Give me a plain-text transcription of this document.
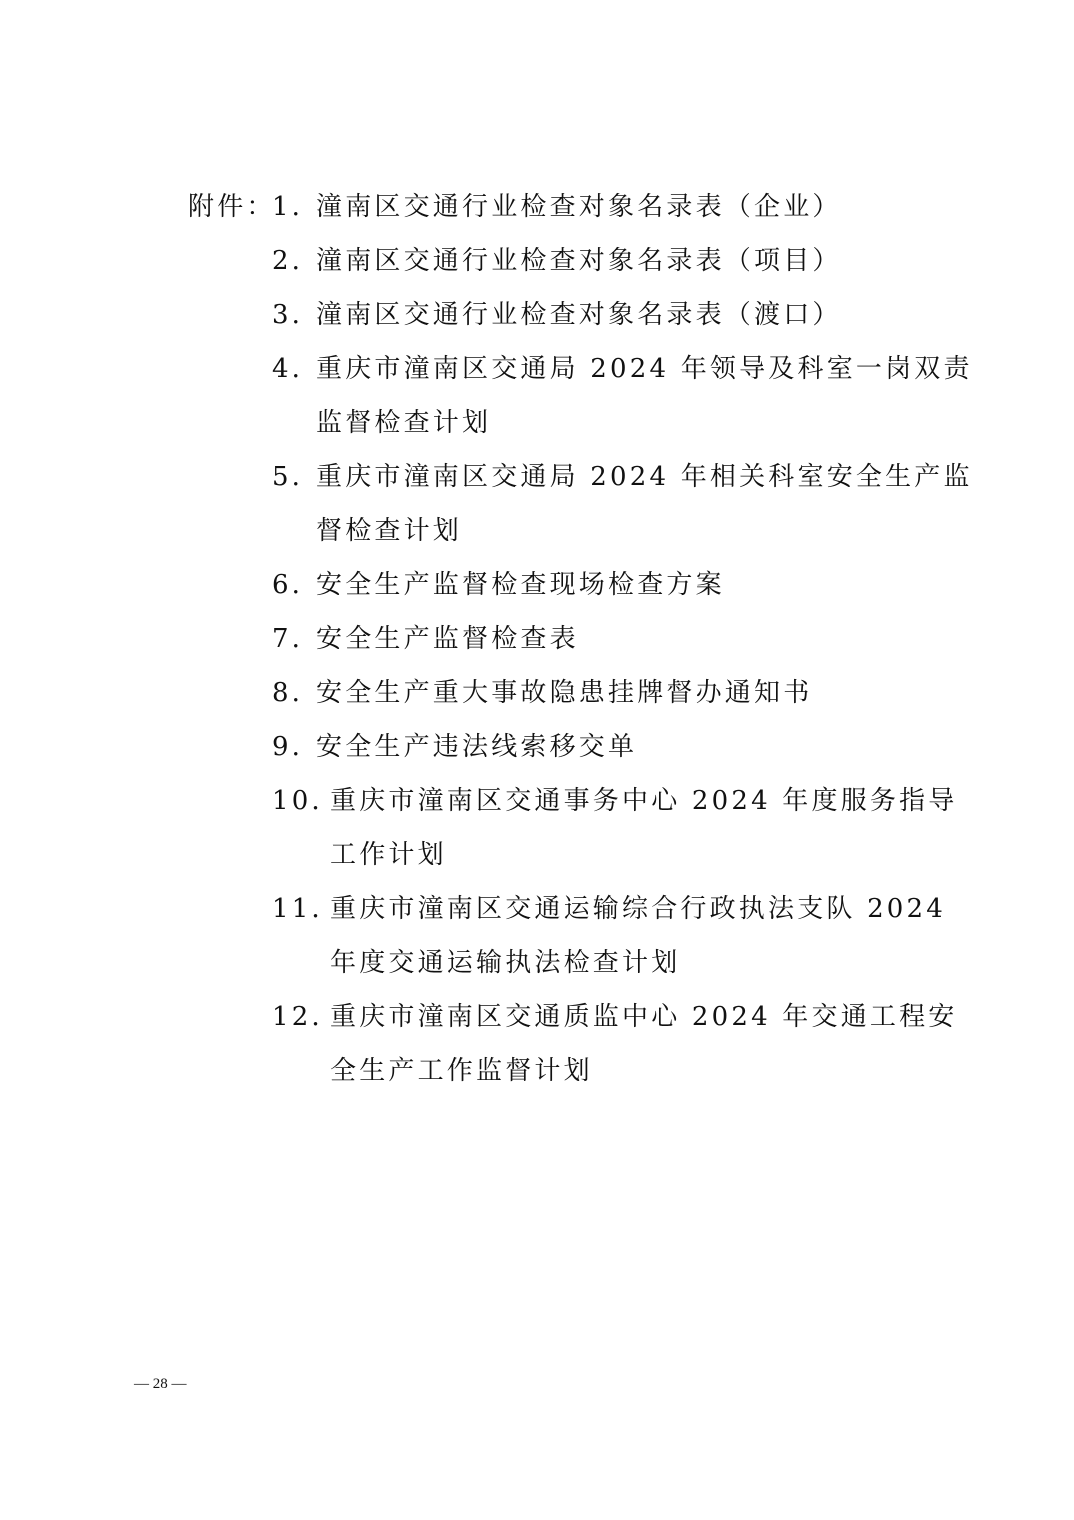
附件：
1．
潼南区交通行业检查对象名录表（企业）
2．
潼南区交通行业检查对象名录表（项目）
3．
潼南区交通行业检查对象名录表（渡口）
4．
重庆市潼南区交通局 2024 年领导及科室一岗双责
监督检查计划
5．
重庆市潼南区交通局 2024 年相关科室安全生产监
督检查计划
6．
安全生产监督检查现场检查方案
7．
安全生产监督检查表
8．
安全生产重大事故隐患挂牌督办通知书
9．
安全生产违法线索移交单
10．
重庆市潼南区交通事务中心 2024 年度服务指导
工作计划
11．
重庆市潼南区交通运输综合行政执法支队 2024
年度交通运输执法检查计划
12．
重庆市潼南区交通质监中心 2024 年交通工程安
全生产工作监督计划
— 28 —
